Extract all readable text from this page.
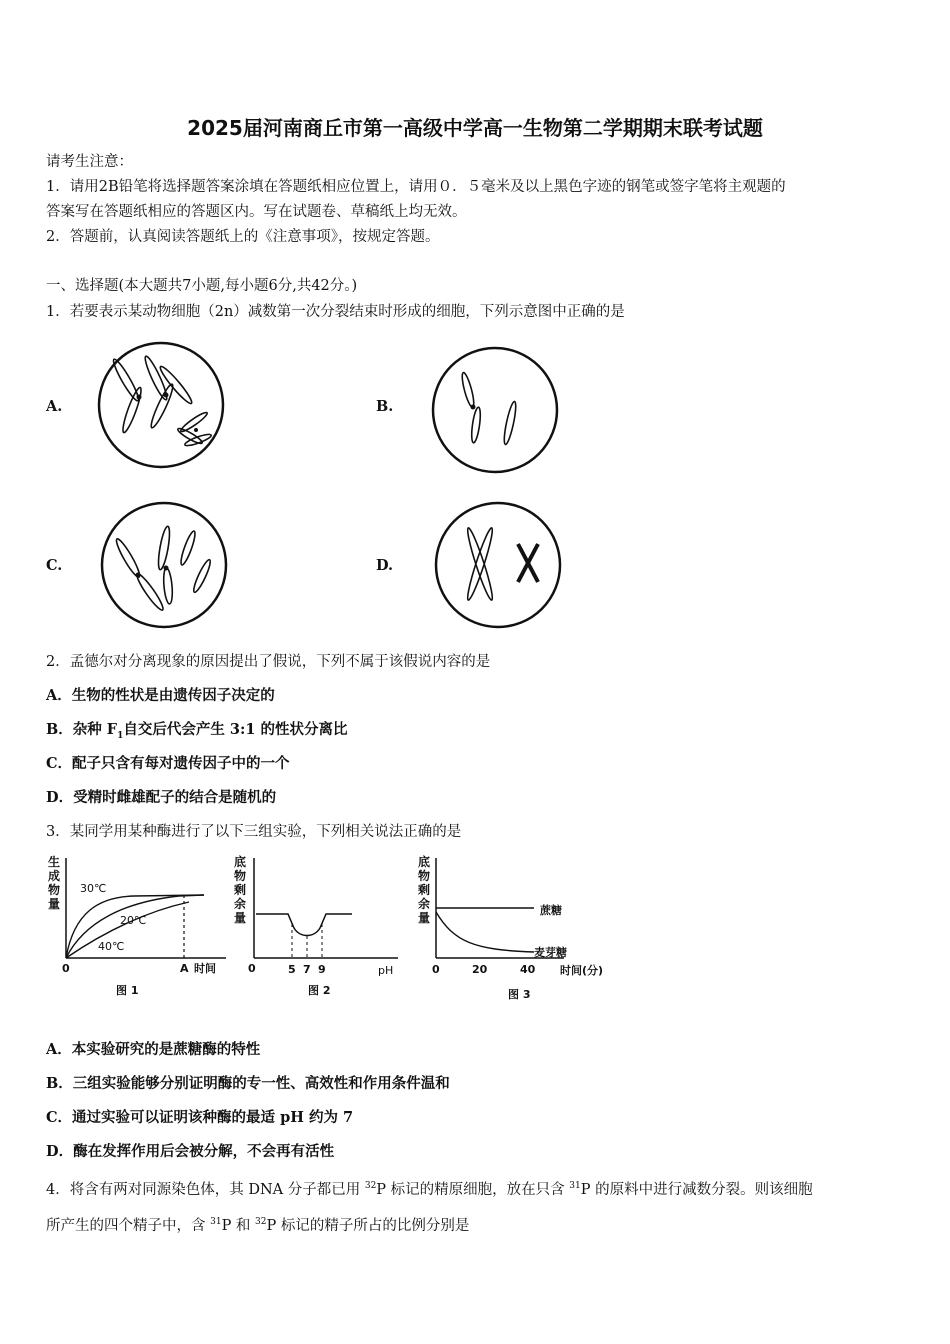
2025届河南商丘市第一高级中学高一生物第二学期期末联考试题
请考生注意：
1．请用2B铅笔将选择题答案涂填在答题纸相应位置上，请用０．５毫米及以上黑色字迹的钢笔或签字笔将主观题的
答案写在答题纸相应的答题区内。写在试题卷、草稿纸上均无效。
2．答题前，认真阅读答题纸上的《注意事项》，按规定答题。
一、选择题(本大题共7小题,每小题6分,共42分。)
1．若要表示某动物细胞（2n）减数第一次分裂结束时形成的细胞，下列示意图中正确的是
A.	B.
C.	D.
2．孟德尔对分离现象的原因提出了假说，下列不属于该假说内容的是
A．生物的性状是由遗传因子决定的
B．杂种 $F_1$自交后代会产生 3:1 的性状分离比
C．配子只含有每对遗传因子中的一个
D．受精时雌雄配子的结合是随机的
3．某同学用某种酶进行了以下三组实验，下列相关说法正确的是
生
成
物
量
30℃
20℃
40℃
0	A 时间
图 1
底
物
剩
余
量
0	5 7 9	pH
图 2
底
物
剩
余
量
蔗糖
麦芽糖
0	20	40 时间(分)
图 3
A．本实验研究的是蔗糖酶的特性
B．三组实验能够分别证明酶的专一性、高效性和作用条件温和
C．通过实验可以证明该种酶的最适 pH 约为 7
D．酶在发挥作用后会被分解，不会再有活性
4．将含有两对同源染色体，其 DNA 分子都已用 $^{32}$P 标记的精原细胞，放在只含 $^{31}$P 的原料中进行减数分裂。则该细胞
所产生的四个精子中，含 $^{31}$P 和 $^{32}$P 标记的精子所占的比例分别是
